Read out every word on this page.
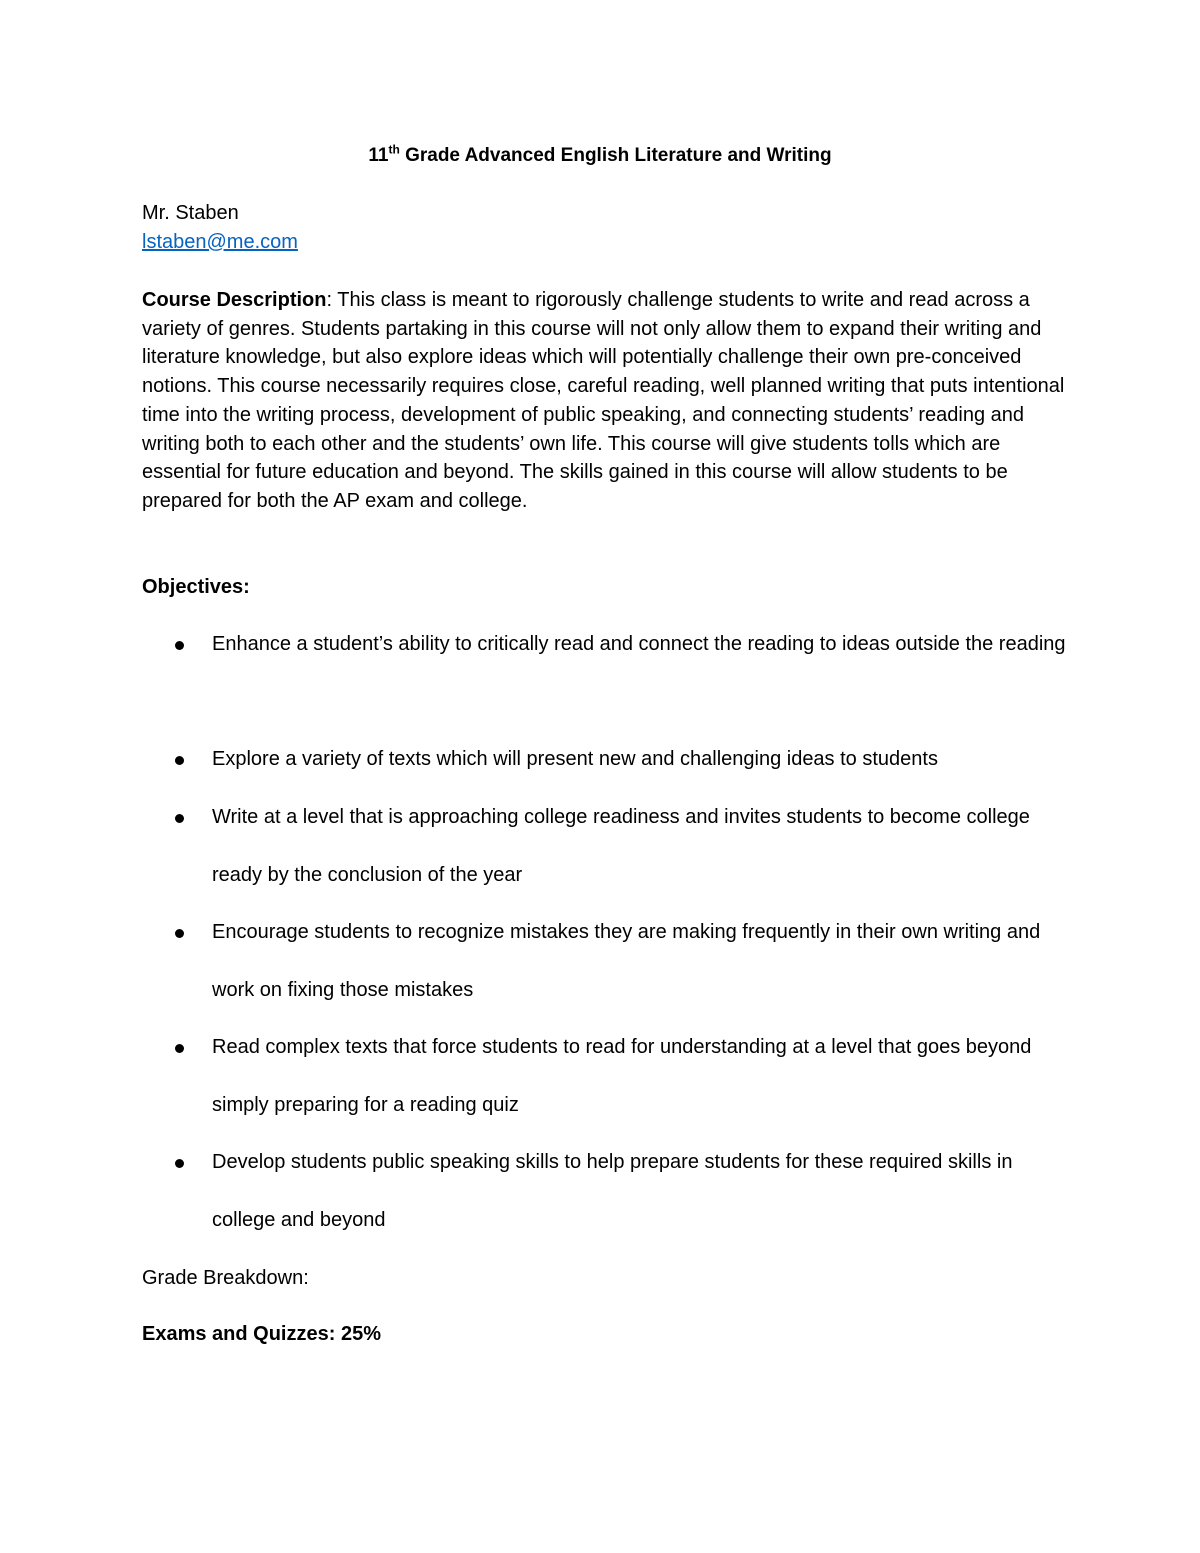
11th Grade Advanced English Literature and Writing
Mr. Staben
lstaben@me.com
Course Description: This class is meant to rigorously challenge students to write and read across a variety of genres. Students partaking in this course will not only allow them to expand their writing and literature knowledge, but also explore ideas which will potentially challenge their own pre-conceived notions. This course necessarily requires close, careful reading, well planned writing that puts intentional time into the writing process, development of public speaking, and connecting students’ reading and writing both to each other and the students’ own life. This course will give students tolls which are essential for future education and beyond. The skills gained in this course will allow students to be prepared for both the AP exam and college.
Objectives:
Enhance a student’s ability to critically read and connect the reading to ideas outside the reading
Explore a variety of texts which will present new and challenging ideas to students
Write at a level that is approaching college readiness and invites students to become college ready by the conclusion of the year
Encourage students to recognize mistakes they are making frequently in their own writing and work on fixing those mistakes
Read complex texts that force students to read for understanding at a level that goes beyond simply preparing for a reading quiz
Develop students public speaking skills to help prepare students for these required skills in college and beyond
Grade Breakdown:
Exams and Quizzes: 25%
